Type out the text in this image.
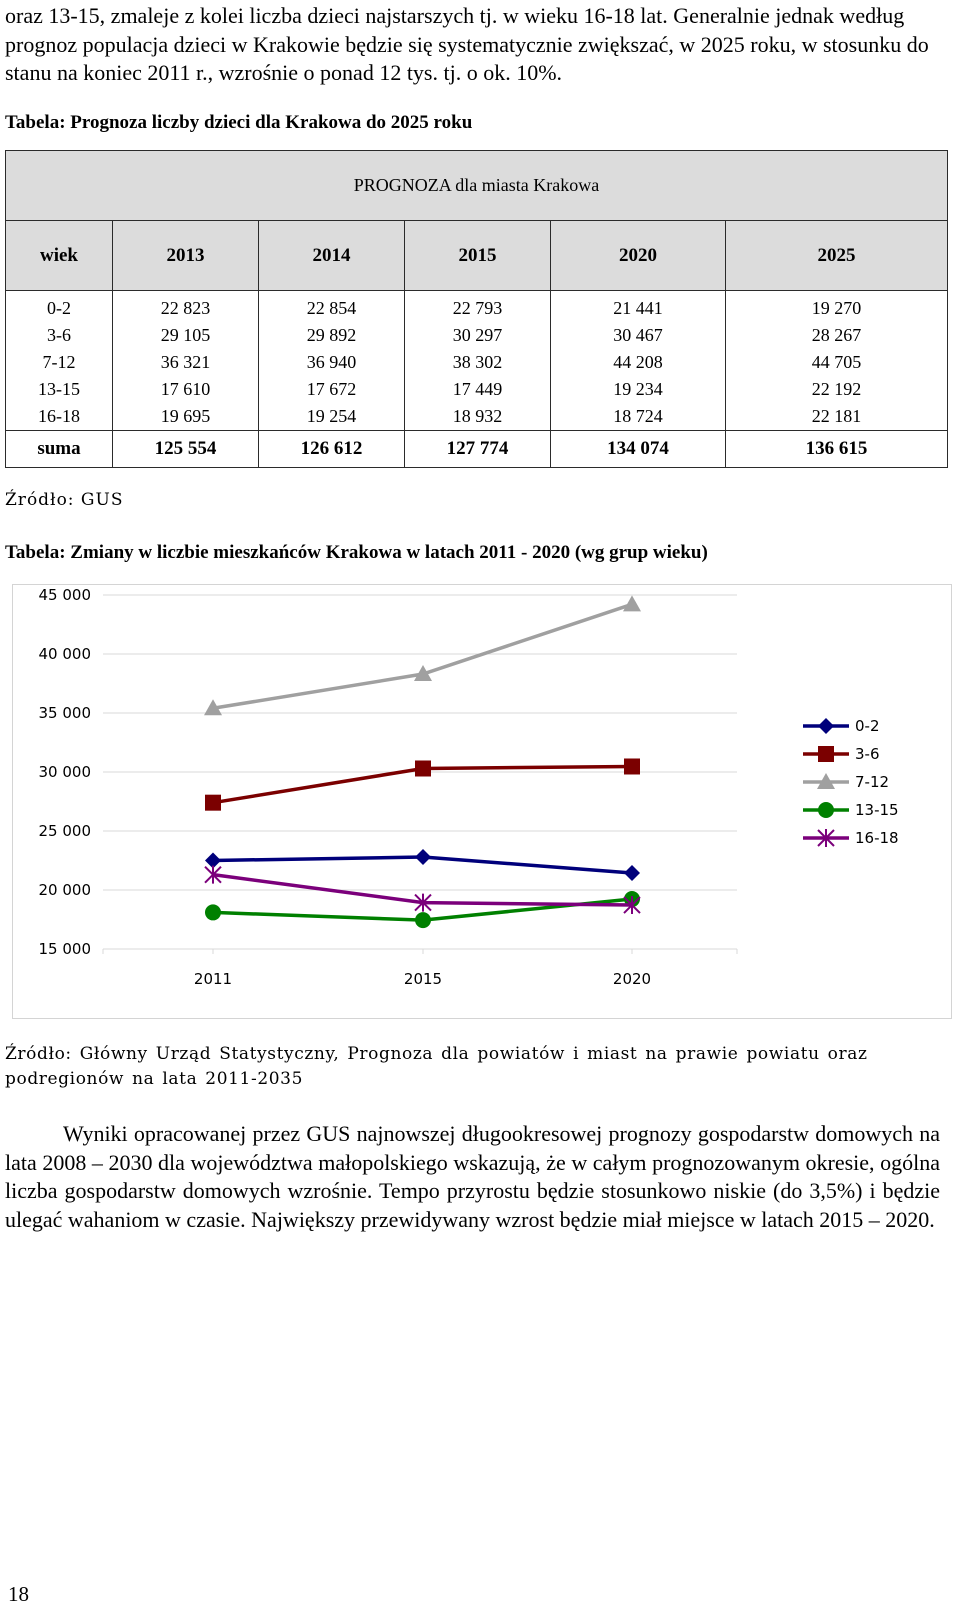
oraz 13-15, zmaleje z kolei liczba dzieci najstarszych tj. w wieku 16-18 lat. Generalnie jednak według prognoz populacja dzieci w Krakowie będzie się systematycznie zwiększać, w 2025 roku, w stosunku do stanu na koniec 2011 r., wzrośnie o ponad 12 tys. tj. o ok. 10%.

Tabela: Prognoza liczby dzieci dla Krakowa do 2025 roku

PROGNOZA dla miasta Krakowa					
wiek	2013	2014	2015	2020	2025
0-2	22 823	22 854	22 793	21 441	19 270
3-6	29 105	29 892	30 297	30 467	28 267
7-12	36 321	36 940	38 302	44 208	44 705
13-15	17 610	17 672	17 449	19 234	22 192
16-18	19 695	19 254	18 932	18 724	22 181
suma	125 554	126 612	127 774	134 074	136 615
Źródło: GUS

Tabela: Zmiany w liczbie mieszkańców Krakowa w latach 2011 - 2020 (wg grup wieku)

15 000
20 000
25 000
30 000
35 000
40 000
45 000
2011	2015	2020
0-2
3-6
7-12
13-15
16-18
Źródło: Główny Urząd Statystyczny, Prognoza dla powiatów i miast na prawie powiatu oraz podregionów na lata 2011-2035

Wyniki opracowanej przez GUS najnowszej długookresowej prognozy gospodarstw domowych na lata 2008 – 2030 dla województwa małopolskiego wskazują, że w całym prognozowanym okresie, ogólna liczba gospodarstw domowych wzrośnie. Tempo przyrostu będzie stosunkowo niskie (do 3,5%) i będzie ulegać wahaniom w czasie. Największy przewidywany wzrost będzie miał miejsce w latach 2015 – 2020.

18
